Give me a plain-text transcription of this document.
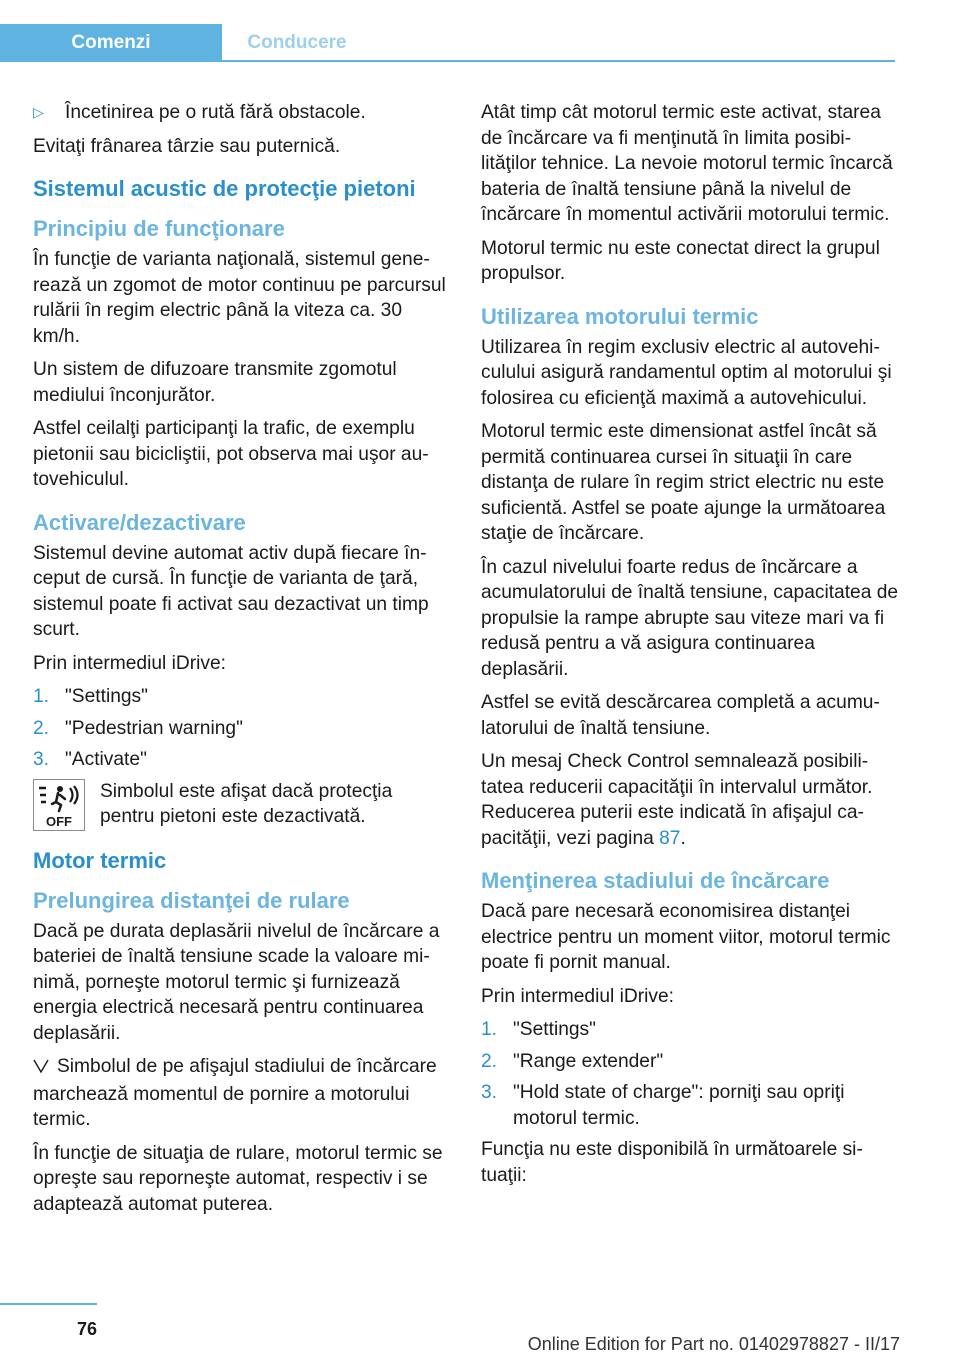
Comenzi	Conducere
▷	Încetinirea pe o rută fără obstacole.

Evitaţi frânarea târzie sau puternică.

Sistemul acustic de protecţie pietoni
Principiu de funcţionare

În funcţie de varianta naţională, sistemul generează un zgomot de motor continuu pe parcursul rulării în regim electric până la viteza ca. 30 km/h.

Un sistem de difuzoare transmite zgomotul mediului înconjurător.

Astfel ceilalţi participanţi la trafic, de exemplu pietonii sau bicicliştii, pot observa mai uşor autovehiculul.

Activare/dezactivare

Sistemul devine automat activ după fiecare început de cursă. În funcţie de varianta de ţară, sistemul poate fi activat sau dezactivat un timp scurt.

Prin intermediul iDrive:

1. "Settings"
2. "Pedestrian warning"
3. "Activate"
OFF
Simbolul este afişat dacă protecţia pentru pietoni este dezactivată.
Motor termic
Prelungirea distanţei de rulare

Dacă pe durata deplasării nivelul de încărcare a bateriei de înaltă tensiune scade la valoare minimă, porneşte motorul termic şi furnizează energia electrică necesară pentru continuarea deplasării.

Simbolul de pe afişajul stadiului de încărcare marchează momentul de pornire a motorului termic.

În funcţie de situaţia de rulare, motorul termic se opreşte sau reporneşte automat, respectiv i se adaptează automat puterea.

Atât timp cât motorul termic este activat, starea de încărcare va fi menţinută în limita posibilităţilor tehnice. La nevoie motorul termic încarcă bateria de înaltă tensiune până la nivelul de încărcare în momentul activării motorului termic.

Motorul termic nu este conectat direct la grupul propulsor.

Utilizarea motorului termic

Utilizarea în regim exclusiv electric al autovehiculului asigură randamentul optim al motorului şi folosirea cu eficienţă maximă a autovehicului.

Motorul termic este dimensionat astfel încât să permită continuarea cursei în situaţii în care distanţa de rulare în regim strict electric nu este suficientă. Astfel se poate ajunge la următoarea staţie de încărcare.

În cazul nivelului foarte redus de încărcare a acumulatorului de înaltă tensiune, capacitatea de propulsie la rampe abrupte sau viteze mari va fi redusă pentru a vă asigura continuarea deplasării.

Astfel se evită descărcarea completă a acumulatorului de înaltă tensiune.

Un mesaj Check Control semnalează posibilitatea reducerii capacităţii în intervalul următor. Reducerea puterii este indicată în afişajul capacităţii, vezi pagina 87.

Menţinerea stadiului de încărcare

Dacă pare necesară economisirea distanţei electrice pentru un moment viitor, motorul termic poate fi pornit manual.

Prin intermediul iDrive:

1. "Settings"
2. "Range extender"
3. "Hold state of charge": porniţi sau opriţi motorul termic.

Funcţia nu este disponibilă în următoarele situaţii:

76
Online Edition for Part no. 01402978827 - II/17
